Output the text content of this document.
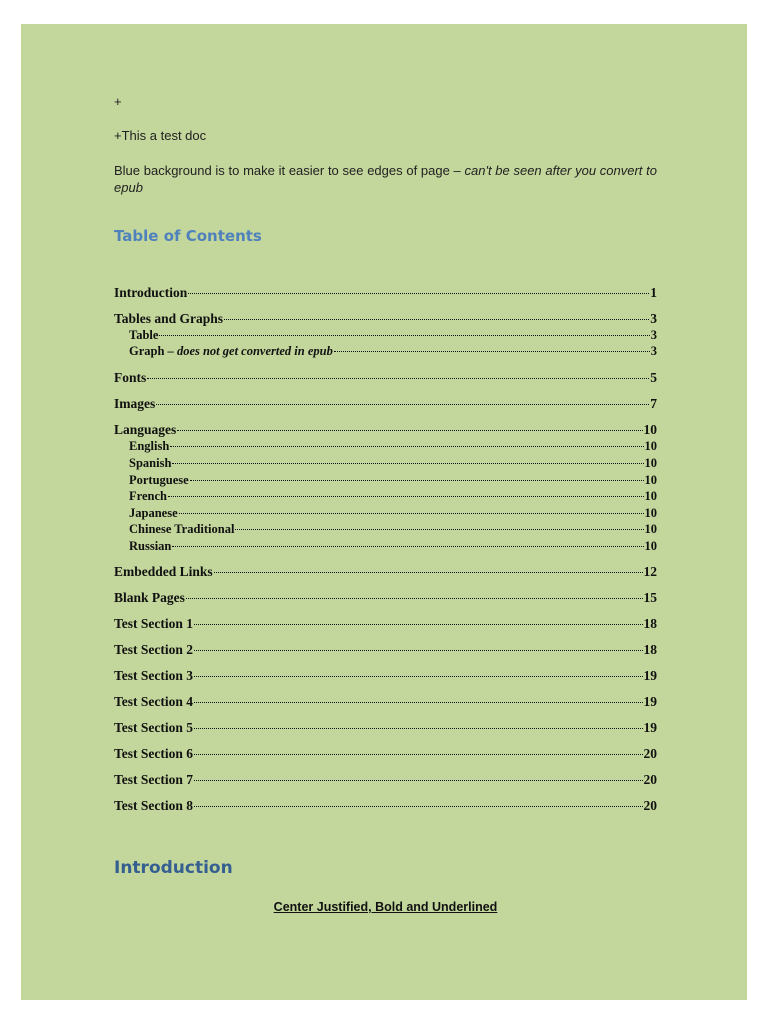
+
+This a test doc
Blue background is to make it easier to see edges of page – can't be seen after you convert to epub
Table of Contents
Introduction	1
Tables and Graphs	3
Table	3
Graph – does not get converted in epub	3
Fonts	5
Images	7
Languages	10
English	10
Spanish	10
Portuguese	10
French	10
Japanese	10
Chinese Traditional	10
Russian	10
Embedded Links	12
Blank Pages	15
Test Section 1	18
Test Section 2	18
Test Section 3	19
Test Section 4	19
Test Section 5	19
Test Section 6	20
Test Section 7	20
Test Section 8	20
Introduction
Center Justified, Bold and Underlined
